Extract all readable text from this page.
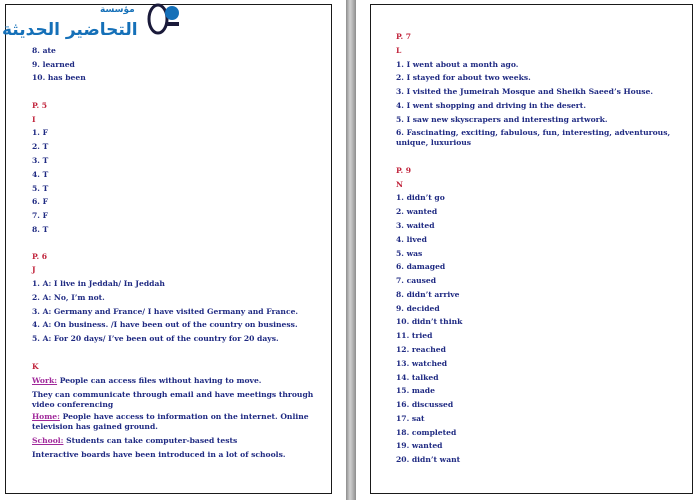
التحاضير الحديثة
مؤسسة
8. ate
9. learned
10. has been
P. 5
I
1. F
2. T
3. T
4. T
5. T
6. F
7. F
8. T
P. 6
J
1. A: I live in Jeddah/ In Jeddah
2. A: No, I’m not.
3. A: Germany and France/ I have visited Germany and France.
4. A: On business. /I have been out of the country on business.
5. A: For 20 days/ I’ve been out of the country for 20 days.
K
Work: People can access files without having to move.
They can communicate through email and have meetings through video conferencing
Home: People have access to information on the internet. Online television has gained ground.
School: Students can take computer-based tests
Interactive boards have been introduced in a lot of schools.
P. 7
L
1. I went about a month ago.
2. I stayed for about two weeks.
3. I visited the Jumeirah Mosque and Sheikh Saeed’s House.
4. I went shopping and driving in the desert.
5. I saw new skyscrapers and interesting artwork.
6. Fascinating, exciting, fabulous, fun, interesting, adventurous, unique, luxurious
P. 9
N
1. didn’t go
2. wanted
3. waited
4. lived
5. was
6. damaged
7. caused
8. didn’t arrive
9. decided
10. didn’t think
11. tried
12. reached
13. watched
14. talked
15. made
16. discussed
17. sat
18. completed
19. wanted
20. didn’t want
